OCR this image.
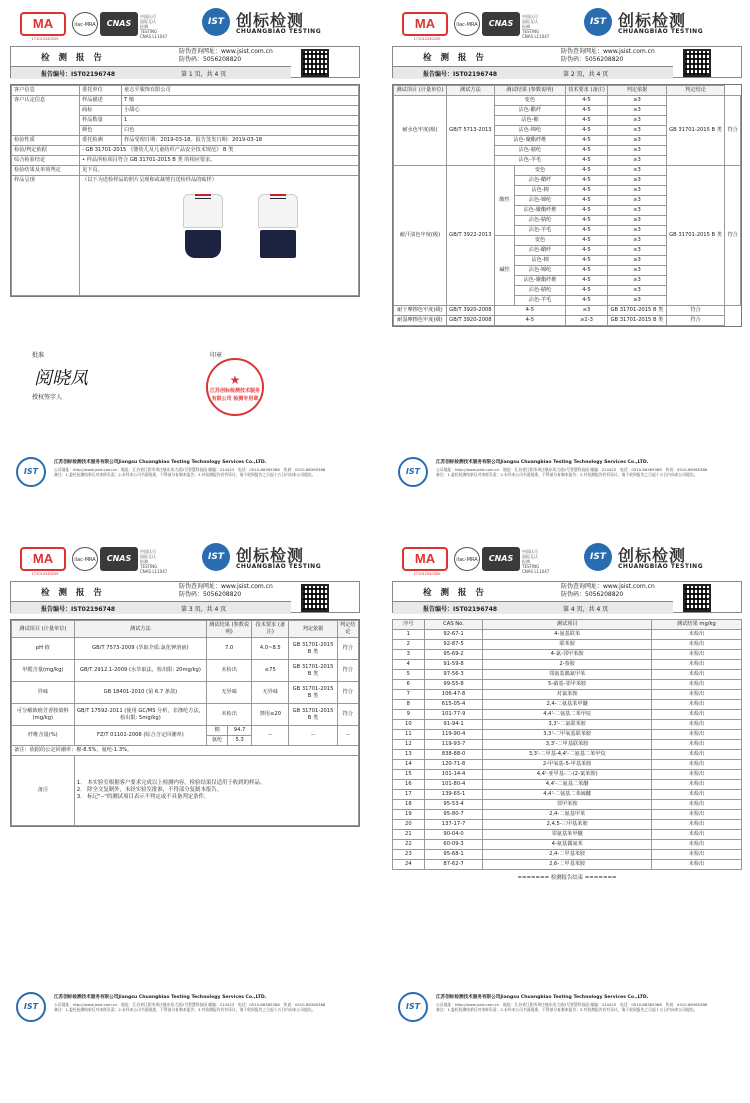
MA
171012340209
ilac-MRA	CNAS
中国认可
国际互认
检测
TESTING
CNAS L11047
IST 创标检测
CHUANGBIAO TESTING
检 测 报 告
防伪查询网址：www.jsist.com.cn
防伪码：5056208820
报告编号：IST02196748	第 1 页，共 4 页
客户信息	委托单位	童志平服饰有限公司
客户认定信息	样品描述	T 恤
	商标	小甜心
	样品数量	1
	颜色	白色
检验性质	委托检测	样品受理日期：2019-03-18。报告签发日期：2019-03-18
检验/判定依据	- GB 31701-2015 《婴幼儿及儿童纺织产品安全技术规范》 B 类	
综合检验结论	• 样品所检项目符合 GB 31701-2015 B 类 的相应要求。	
检验结果及单项判定	见下页。	
样品呈现	（以下为送检样品的照片呈现和或裁剪自送检样品的贴样）	
批准
阅晓凤
授权签字人
印章
★
江苏创标检测技术服务有限公司 检测专用章
IST
江苏创标检测技术服务有限公司Jiangsu Chuangbiao Testing Technology Services Co.,LTD.
公司地址：http://www.jsist.com.cn　地址：江苏省江阴市周庄镇东风大道2号智慧科技园 邮编：214423　电话：0510-86365388　传真：0510-86365388
备注：1.委托检测结果仅对来样负责；2.未经本公司书面批准，不得部分复制本报告；3.对检测报告若有异议，请于收到报告之日起十五日内向本公司提出。
MA
171012340209
ilac-MRA	CNAS
中国认可
国际互认
检测
TESTING
CNAS L11047
IST 创标检测
CHUANGBIAO TESTING
检 测 报 告
防伪查询网址：www.jsist.com.cn
防伪码：5056208820
报告编号：IST02196748	第 2 页，共 4 页
测试项目 (计量单位)	测试方法	测试结果 (参数说明)		技术要求 (备注)	判定依据	判定结论	
耐水色牢度(级)	GB/T 5713-2013	变色		4-5	≥3	GB 31701-2015 B 类	符合
		沾色-醋纤		4-5	≥3		
		沾色-棉		4-5	≥3		
		沾色-锦纶		4-5	≥3		
		沾色-聚酯纤维		4-5	≥3		
		沾色-腈纶		4-5	≥3		
		沾色-羊毛		4-5	≥3		
耐汗渍色牢度(级)	GB/T 3922-2013	酸性	变色	4-5	≥3	GB 31701-2015 B 类	符合
			沾色-醋纤	4-5	≥3		
			沾色-棉	4-5	≥3		
			沾色-锦纶	4-5	≥3		
			沾色-聚酯纤维	4-5	≥3		
			沾色-腈纶	4-5	≥3		
			沾色-羊毛	4-5	≥3		
		碱性	变色	4-5	≥3		
			沾色-醋纤	4-5	≥3		
			沾色-棉	4-5	≥3		
			沾色-锦纶	4-5	≥3		
			沾色-聚酯纤维	4-5	≥3		
			沾色-腈纶	4-5	≥3		
			沾色-羊毛	4-5	≥3		
耐干摩擦色牢度(级)	GB/T 3920-2008	4-5		≥3	GB 31701-2015 B 类	符合	
耐湿摩擦色牢度(级)	GB/T 3920-2008	4-5		≥2-3	GB 31701-2015 B 类	符合	
IST
江苏创标检测技术服务有限公司Jiangsu Chuangbiao Testing Technology Services Co.,LTD.
公司地址：http://www.jsist.com.cn　地址：江苏省江阴市周庄镇东风大道2号智慧科技园 邮编：214423　电话：0510-86365388　传真：0510-86365388
备注：1.委托检测结果仅对来样负责；2.未经本公司书面批准，不得部分复制本报告；3.对检测报告若有异议，请于收到报告之日起十五日内向本公司提出。
MA
171012340209
ilac-MRA	CNAS
中国认可
国际互认
检测
TESTING
CNAS L11047
IST 创标检测
CHUANGBIAO TESTING
检 测 报 告
防伪查询网址：www.jsist.com.cn
防伪码：5056208820
报告编号：IST02196748	第 3 页，共 4 页
测试项目 (计量单位)	测试方法	测试结果 (参数说明)		技术要求 (备注)	判定依据	判定结论
pH 值	GB/T 7573-2009 (萃取介质:氯化钾溶液)	7.0		4.0~8.5	GB 31701-2015 B 类	符合
甲醛含量(mg/kg)	GB/T 2912.1-2009 (水萃取法，检出限: 20mg/kg)	未检出		≤75	GB 31701-2015 B 类	符合
异味	GB 18401-2010 (第 6.7 条款)	无异味		无异味	GB 31701-2015 B 类	符合
可分解致癌芳香胺染料(mg/kg)	GB/T 17592-2011 (使用 GC/MS 分析，非涤纶方法，检出限: 5mg/kg)	未检出		禁用≤20	GB 31701-2015 B 类	符合
纤维含量(%)	FZ/T 01101-2008 (综合含定回潮率)	棉	94.7	--	--	--
		氨纶	5.3			
备注：依据的公定回潮率：棉-8.5%，氨纶-1.3%。						
备注	1.　本实验室根据客户要求完成以上检测内容，检验结果仅适用于收到的样品。
2.　除全文复制外，未经实验室批准，不得部分复制本报告。
3.　标记"--"的测试项目表示不判定或不具备判定条件。					
IST
江苏创标检测技术服务有限公司Jiangsu Chuangbiao Testing Technology Services Co.,LTD.
公司地址：http://www.jsist.com.cn　地址：江苏省江阴市周庄镇东风大道2号智慧科技园 邮编：214423　电话：0510-86365388　传真：0510-86365388
备注：1.委托检测结果仅对来样负责；2.未经本公司书面批准，不得部分复制本报告；3.对检测报告若有异议，请于收到报告之日起十五日内向本公司提出。
MA
171012340209
ilac-MRA	CNAS
中国认可
国际互认
检测
TESTING
CNAS L11047
IST 创标检测
CHUANGBIAO TESTING
检 测 报 告
防伪查询网址：www.jsist.com.cn
防伪码：5056208820
报告编号：IST02196748	第 4 页，共 4 页
序号	CAS No.	测试项目	测试结果 mg/kg
1	92-67-1	4-氨基联苯	未检出
2	92-87-5	联苯胺	未检出
3	95-69-2	4-氯-邻甲苯胺	未检出
4	91-59-8	2-萘胺	未检出
5	97-56-3	邻氨基偶氮甲苯	未检出
6	99-55-8	5-硝基-邻甲苯胺	未检出
7	106-47-8	对氯苯胺	未检出
8	615-05-4	2,4-二氨基苯甲醚	未检出
9	101-77-9	4,4'-二氨基二苯甲烷	未检出
10	91-94-1	3,3'-二氯联苯胺	未检出
11	119-90-4	3,3'-二甲氧基联苯胺	未检出
12	119-93-7	3,3'-二甲基联苯胺	未检出
13	838-88-0	3,3'-二甲基-4,4'-二氨基二苯甲烷	未检出
14	120-71-8	2-甲氧基-5-甲基苯胺	未检出
15	101-14-4	4,4'-亚甲基-二-(2-氯苯胺)	未检出
16	101-80-4	4,4'-二氨基二苯醚	未检出
17	139-65-1	4,4'-二氨基二苯硫醚	未检出
18	95-53-4	邻甲苯胺	未检出
19	95-80-7	2,4-二氨基甲苯	未检出
20	137-17-7	2,4,5-三甲基苯胺	未检出
21	90-04-0	邻氨基苯甲醚	未检出
22	60-09-3	4-氨基偶氮苯	未检出
23	95-68-1	2,4-二甲基苯胺	未检出
24	87-62-7	2,6-二甲基苯胺	未检出
======= 检测报告结束 =======
IST
江苏创标检测技术服务有限公司Jiangsu Chuangbiao Testing Technology Services Co.,LTD.
公司地址：http://www.jsist.com.cn　地址：江苏省江阴市周庄镇东风大道2号智慧科技园 邮编：214423　电话：0510-86365388　传真：0510-86365388
备注：1.委托检测结果仅对来样负责；2.未经本公司书面批准，不得部分复制本报告；3.对检测报告若有异议，请于收到报告之日起十五日内向本公司提出。
